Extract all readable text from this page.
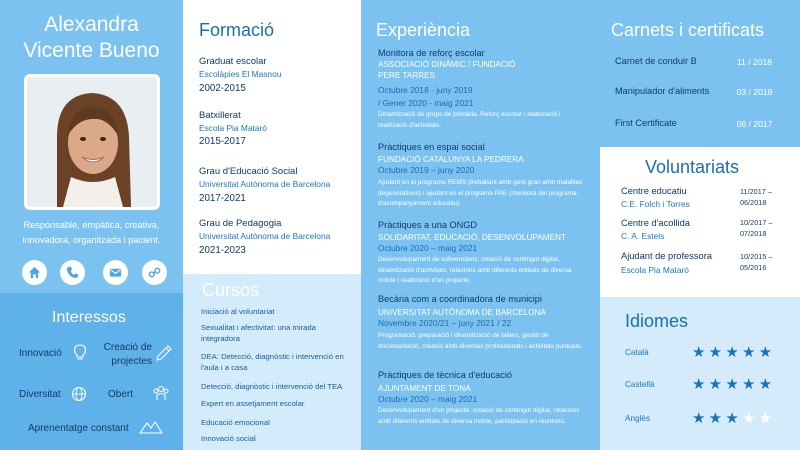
Alexandra
Vicente Bueno
Responsable, empàtica, creativa, innovadora, organitzada i pacient.
Interessos
Innovació
Creació de projectes
Diversitat	Obert
Aprenentatge constant
Formació
Graduat escolar
Escolàpies El Masnou
2002-2015
Batxillerat
Escola Pia Mataró
2015-2017
Grau d'Educació Social
Universitat Autònoma de Barcelona
2017-2021
Grau de Pedagogia
Universitat Autònoma de Barcelona
2021-2023
Cursos
Iniciació al voluntariat
Sexualitat i afectivitat: una mirada integradora
DEA: Detecció, diagnòstic i intervenció en l'aula i a casa
Detecció, diagnòstic i intervenció del TEA
Expert en assetjament escolar
Educació emocional
Innovació social
Experiència
Monitora de reforç escolar
ASSOCIACIÓ DINÀMIC / FUNDACIÓ PERE TARRES
Octubre 2018 - juny 2019
/ Gener 2020 - maig 2021
Dinamització de grups de primària. Reforç escolar i elaboració i realització d'activitats.
Pràctiques en espai social
FUNDACIÓ CATALUNYA LA PEDRERA
Octubre 2019 – juny 2020
Ajudant en el programa REMS (treballant amb gent gran amb malalties degeneratives) i ajudant en el programa PAE (monitora del programa d'acompanyament educatiu).
Pràctiques a una ONGD
SOLIDARITAT, EDUCACIÓ, DESENVOLUPAMENT
Octubre 2020 – maig 2021
Desenvolupament de subvencions, creació de contingut digital, dinamització d'activitats, relacions amb diferents entitats de diversa índole i realització d'un projecte.
Becària com a coordinadora de municipi
UNIVERSITAT AUTÒNOMA DE BARCELONA
Novembre 2020/21 – juny 2021 / 22
Programació, preparació i dinamització de tallers, gestió de documentació, creació amb diversos professionals i activitats puntuals.
Pràctiques de tècnica d'educació
AJUNTAMENT DE TONA
Octubre 2020 – maig 2021
Desenvolupament d'un projecte, creació de contingut digital, relacions amb diferents entitats de diversa índole, participació en reunions.
Carnets i certificats
Carnet de conduir B	11 / 2018
Manipulador d'aliments	03 / 2018
First Certificate	06 / 2017
Voluntariats
Centre educatiu
C.E. Folch i Torres
11/2017 –
06/2018
Centre d'acollida
C. A. Estels
10/2017 –
07/2018
Ajudant de professora
Escola Pia Mataró
10/2015 –
05/2016
Idiomes
Català	★★★★★
Castellà ★★★★★
Anglès	★★★★★
